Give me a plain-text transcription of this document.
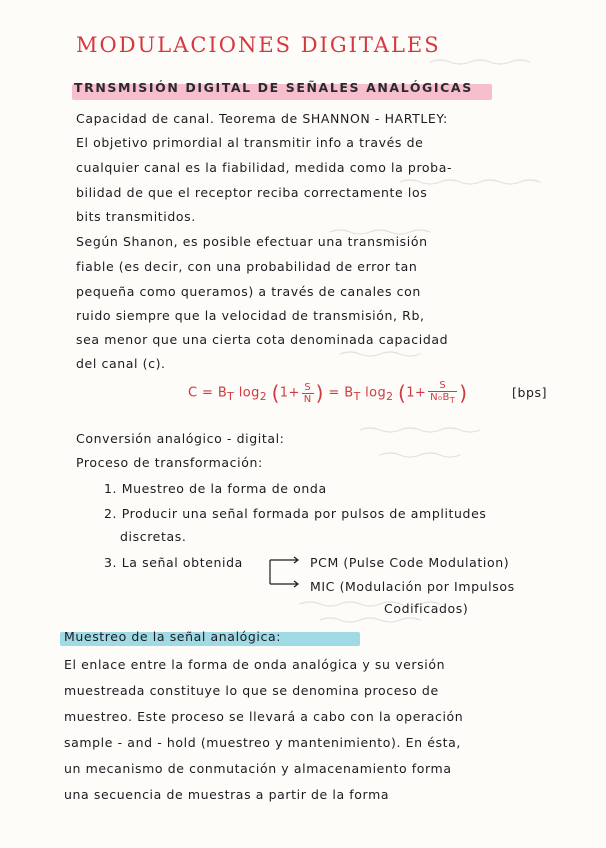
MODULACIONES DIGITALES
TRNSMISIÓN DIGITAL DE SEÑALES ANALÓGICAS
Capacidad de canal. Teorema de SHANNON - HARTLEY:
El objetivo primordial al transmitir info a través de
cualquier canal es la fiabilidad, medida como la proba-
bilidad de que el receptor reciba correctamente los
bits transmitidos.
Según Shanon, es posible efectuar una transmisión
fiable (es decir, con una probabilidad de error tan
pequeña como queramos) a través de canales con
ruido siempre que la velocidad de transmisión, Rb,
sea menor que una cierta cota denominada capacidad
del canal (c).
$C = B_T$ $\log_2 (1+ \frac{S}{N}$ ) = $B_T$ $\log_2 (1+ \frac{S}{N_0B_T}$ )	[bps]
Conversión analógico - digital:
Proceso de transformación:
1. Muestreo de la forma de onda
2. Producir una señal formada por pulsos de amplitudes
discretas.
3. La señal obtenida	PCM (Pulse Code Modulation)
MIC (Modulación por Impulsos
Codificados)
Muestreo de la señal analógica:
El enlace entre la forma de onda analógica y su versión
muestreada constituye lo que se denomina proceso de
muestreo. Este proceso se llevará a cabo con la operación
sample - and - hold (muestreo y mantenimiento). En ésta,
un mecanismo de conmutación y almacenamiento forma
una secuencia de muestras a partir de la forma
